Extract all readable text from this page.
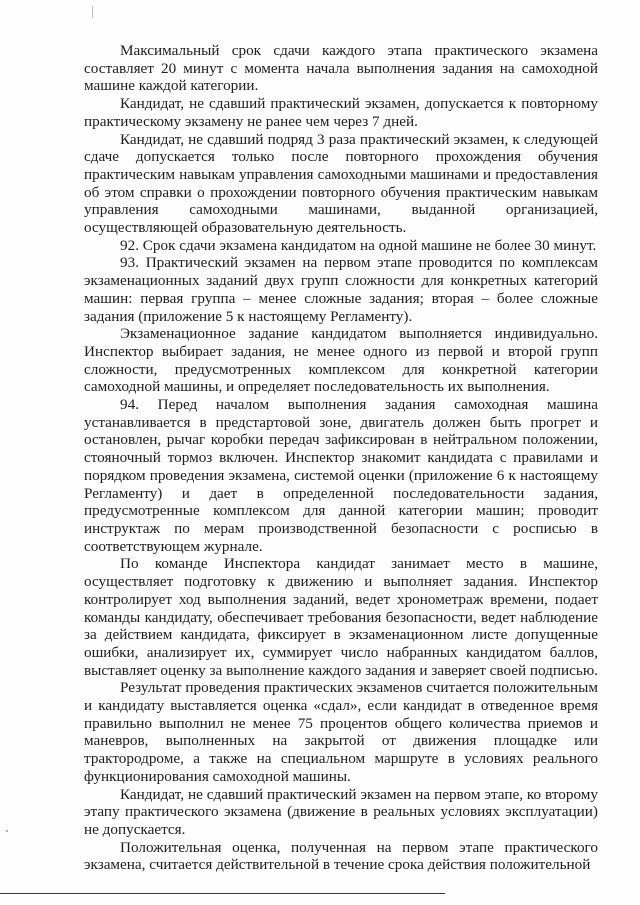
Максимальный срок сдачи каждого этапа практического экзамена составляет 20 минут с момента начала выполнения задания на самоходной машине каждой категории.

Кандидат, не сдавший практический экзамен, допускается к повторному практическому экзамену не ранее чем через 7 дней.

Кандидат, не сдавший подряд 3 раза практический экзамен, к следующей сдаче допускается только после повторного прохождения обучения практическим навыкам управления самоходными машинами и предоставления об этом справки о прохождении повторного обучения практическим навыкам управления самоходными машинами, выданной организацией, осуществляющей образовательную деятельность.

92. Срок сдачи экзамена кандидатом на одной машине не более 30 минут.

93. Практический экзамен на первом этапе проводится по комплексам экзаменационных заданий двух групп сложности для конкретных категорий машин: первая группа – менее сложные задания; вторая – более сложные задания (приложение 5 к настоящему Регламенту).

Экзаменационное задание кандидатом выполняется индивидуально. Инспектор выбирает задания, не менее одного из первой и второй групп сложности, предусмотренных комплексом для конкретной категории самоходной машины, и определяет последовательность их выполнения.

94. Перед началом выполнения задания самоходная машина устанавливается в предстартовой зоне, двигатель должен быть прогрет и остановлен, рычаг коробки передач зафиксирован в нейтральном положении, стояночный тормоз включен. Инспектор знакомит кандидата с правилами и порядком проведения экзамена, системой оценки (приложение 6 к настоящему Регламенту) и дает в определенной последовательности задания, предусмотренные комплексом для данной категории машин; проводит инструктаж по мерам производственной безопасности с росписью в соответствующем журнале.

По команде Инспектора кандидат занимает место в машине, осуществляет подготовку к движению и выполняет задания. Инспектор контролирует ход выполнения заданий, ведет хронометраж времени, подает команды кандидату, обеспечивает требования безопасности, ведет наблюдение за действием кандидата, фиксирует в экзаменационном листе допущенные ошибки, анализирует их, суммирует число набранных кандидатом баллов, выставляет оценку за выполнение каждого задания и заверяет своей подписью.

Результат проведения практических экзаменов считается положительным и кандидату выставляется оценка «сдал», если кандидат в отведенное время правильно выполнил не менее 75 процентов общего количества приемов и маневров, выполненных на закрытой от движения площадке или трактородроме, а также на специальном маршруте в условиях реального функционирования самоходной машины.

Кандидат, не сдавший практический экзамен на первом этапе, ко второму этапу практического экзамена (движение в реальных условиях эксплуатации) не допускается.

Положительная оценка, полученная на первом этапе практического экзамена, считается действительной в течение срока действия положительной
